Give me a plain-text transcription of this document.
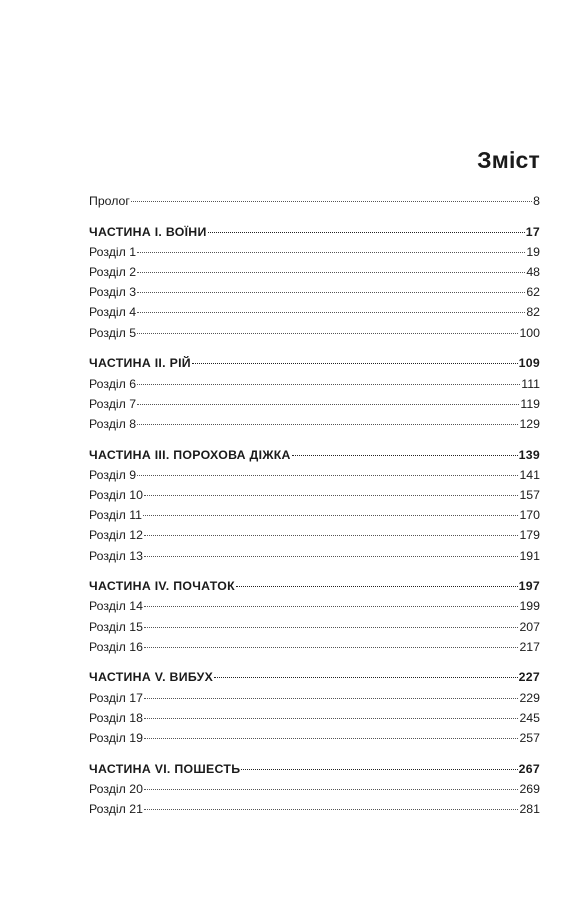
Зміст
Пролог	8
ЧАСТИНА I. ВОЇНИ	17
Розділ 1	19
Розділ 2	48
Розділ 3	62
Розділ 4	82
Розділ 5	100
ЧАСТИНА II. РІЙ	109
Розділ 6	111
Розділ 7	119
Розділ 8	129
ЧАСТИНА III. ПОРОХОВА ДІЖКА	139
Розділ 9	141
Розділ 10	157
Розділ 11	170
Розділ 12	179
Розділ 13	191
ЧАСТИНА IV. ПОЧАТОК	197
Розділ 14	199
Розділ 15	207
Розділ 16	217
ЧАСТИНА V. ВИБУХ	227
Розділ 17	229
Розділ 18	245
Розділ 19	257
ЧАСТИНА VI. ПОШЕСТЬ	267
Розділ 20	269
Розділ 21	281
